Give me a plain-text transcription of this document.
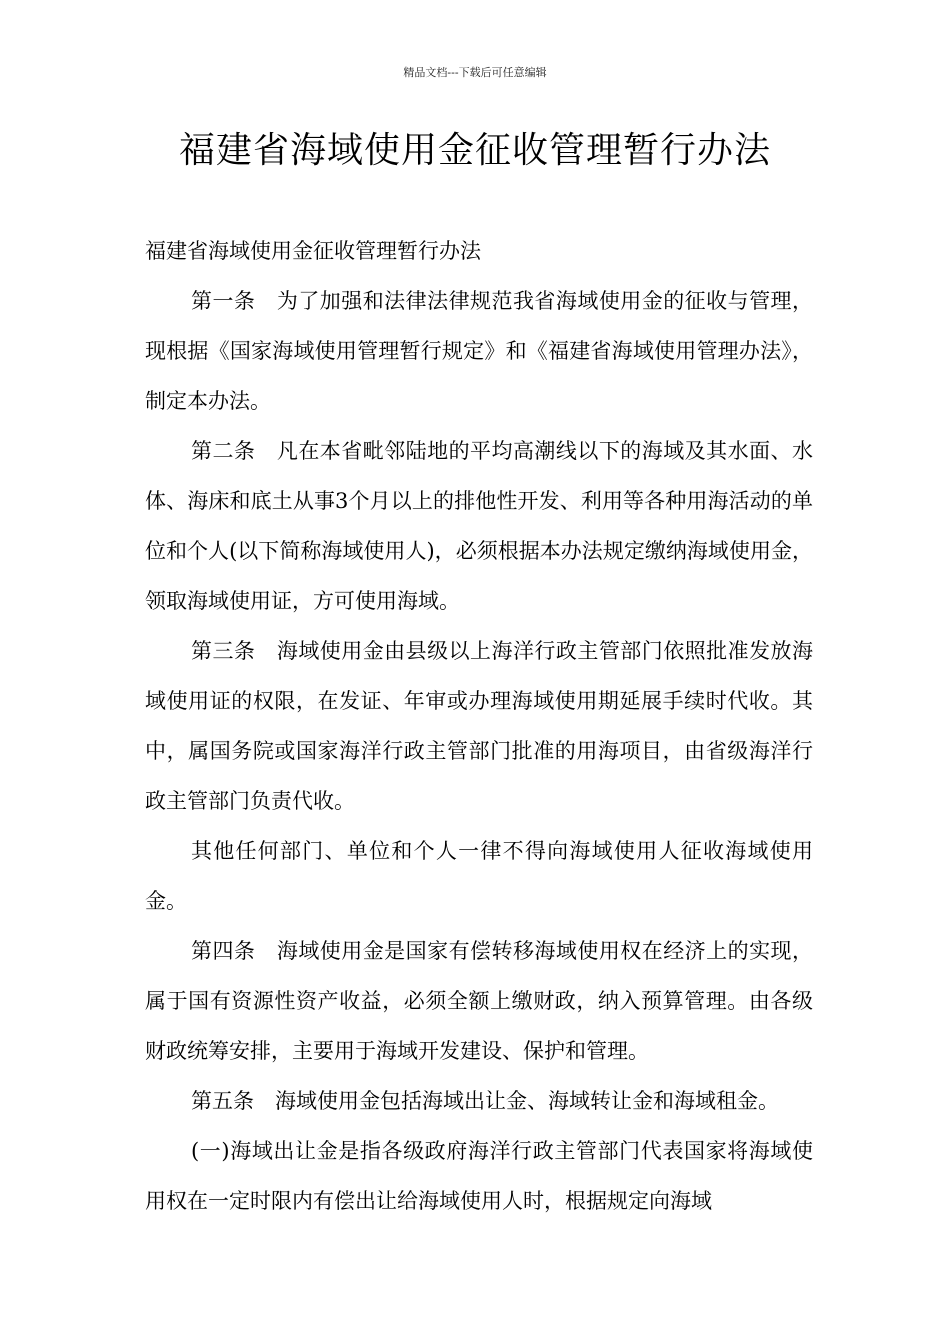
精品文档---下载后可任意编辑
福建省海域使用金征收管理暂行办法

福建省海域使用金征收管理暂行办法

第一条　为了加强和法律法律规范我省海域使用金的征收与管理，现根据《国家海域使用管理暂行规定》和《福建省海域使用管理办法》，制定本办法。

第二条　凡在本省毗邻陆地的平均高潮线以下的海域及其水面、水体、海床和底土从事3个月以上的排他性开发、利用等各种用海活动的单位和个人(以下简称海域使用人)，必须根据本办法规定缴纳海域使用金，领取海域使用证，方可使用海域。

第三条　海域使用金由县级以上海洋行政主管部门依照批准发放海域使用证的权限，在发证、年审或办理海域使用期延展手续时代收。其中，属国务院或国家海洋行政主管部门批准的用海项目，由省级海洋行政主管部门负责代收。

其他任何部门、单位和个人一律不得向海域使用人征收海域使用金。

第四条　海域使用金是国家有偿转移海域使用权在经济上的实现，属于国有资源性资产收益，必须全额上缴财政，纳入预算管理。由各级财政统筹安排，主要用于海域开发建设、保护和管理。

第五条　海域使用金包括海域出让金、海域转让金和海域租金。

(一)海域出让金是指各级政府海洋行政主管部门代表国家将海域使用权在一定时限内有偿出让给海域使用人时，根据规定向海域
